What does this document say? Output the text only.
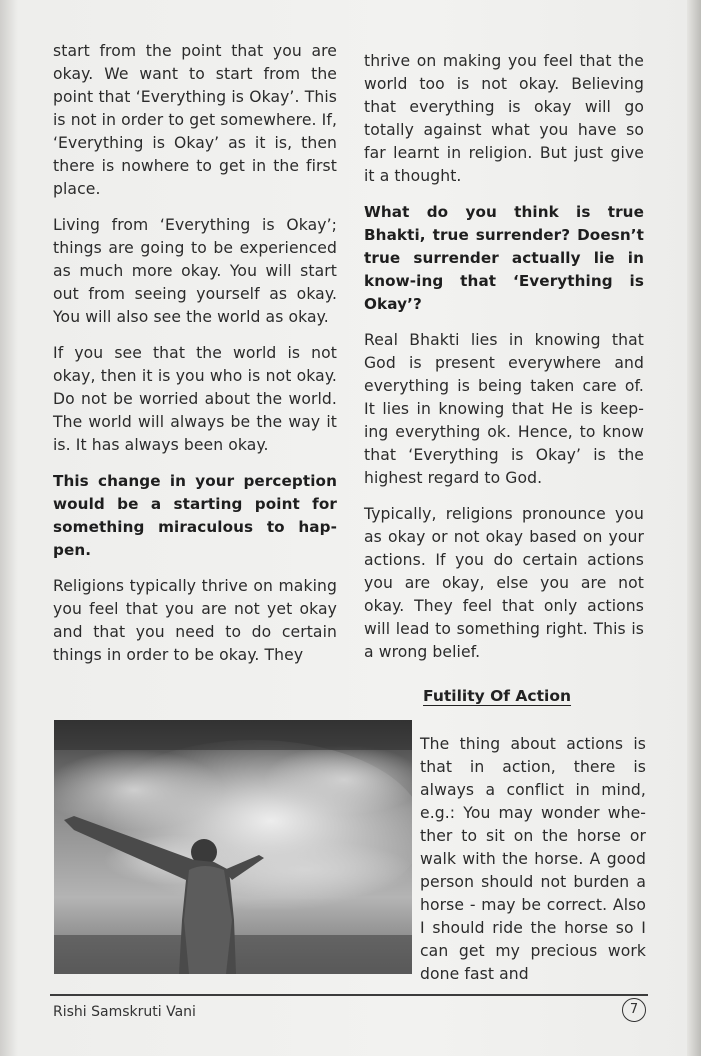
start from the point that you are okay. We want to start from the point that ‘Everything is Okay’. This is not in order to get somewhere. If, ‘Everything is Okay’ as it is, then there is nowhere to get in the first place.

Living from ‘Everything is Okay’; things are going to be experienced as much more okay. You will start out from seeing yourself as okay. You will also see the world as okay.

If you see that the world is not okay, then it is you who is not okay. Do not be worried about the world. The world will always be the way it is. It has always been okay.

This change in your perception would be a starting point for something miraculous to hap-pen.

Religions typically thrive on making you feel that you are not yet okay and that you need to do certain things in order to be okay. They

thrive on making you feel that the world too is not okay. Believing that everything is okay will go totally against what you have so far learnt in religion. But just give it a thought.

What do you think is true Bhakti, true surrender? Doesn’t true surrender actually lie in know-ing that ‘Everything is Okay’?

Real Bhakti lies in knowing that God is present everywhere and everything is being taken care of. It lies in knowing that He is keep-ing everything ok. Hence, to know that ‘Everything is Okay’ is the highest regard to God.

Typically, religions pronounce you as okay or not okay based on your actions. If you do certain actions you are okay, else you are not okay. They feel that only actions will lead to something right. This is a wrong belief.

Futility Of Action

The thing about actions is that in action, there is always a conflict in mind, e.g.: You may wonder whe-ther to sit on the horse or walk with the horse. A good person should not burden a horse - may be correct. Also I should ride the horse so I can get my precious work done fast and

Rishi Samskruti Vani	7
